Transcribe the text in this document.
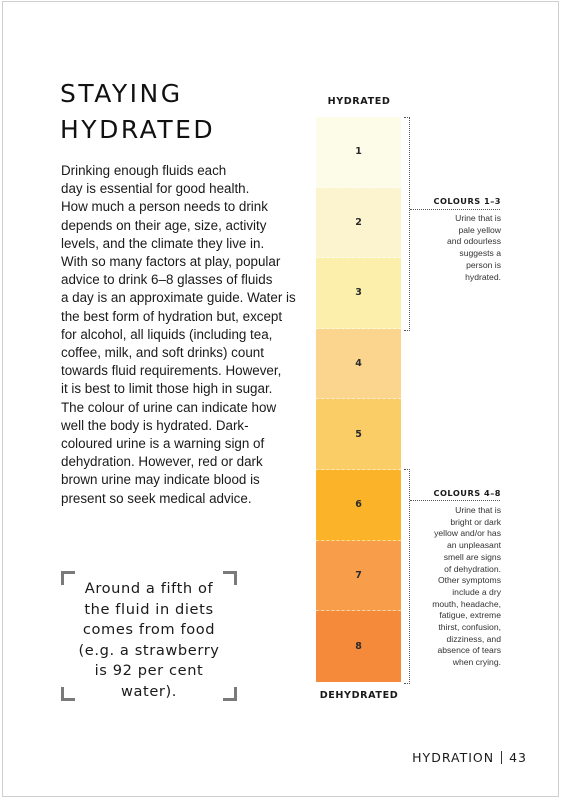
STAYING
HYDRATED

Drinking enough fluids each
day is essential for good health.
How much a person needs to drink
depends on their age, size, activity
levels, and the climate they live in.
With so many factors at play, popular
advice to drink 6–8 glasses of fluids
a day is an approximate guide. Water is
the best form of hydration but, except
for alcohol, all liquids (including tea,
coffee, milk, and soft drinks) count
towards fluid requirements. However,
it is best to limit those high in sugar.
The colour of urine can indicate how
well the body is hydrated. Dark-
coloured urine is a warning sign of
dehydration. However, red or dark
brown urine may indicate blood is
present so seek medical advice.

Around a fifth of
the fluid in diets
comes from food
(e.g. a strawberry
is 92 per cent
water).

HYDRATED
1
2
3
4
5
6
7
8
DEHYDRATED

COLOURS 1–3

Urine that is
pale yellow
and odourless
suggests a
person is
hydrated.

COLOURS 4–8

Urine that is
bright or dark
yellow and/or has
an unpleasant
smell are signs
of dehydration.
Other symptoms
include a dry
mouth, headache,
fatigue, extreme
thirst, confusion,
dizziness, and
absence of tears
when crying.

HYDRATION 43
